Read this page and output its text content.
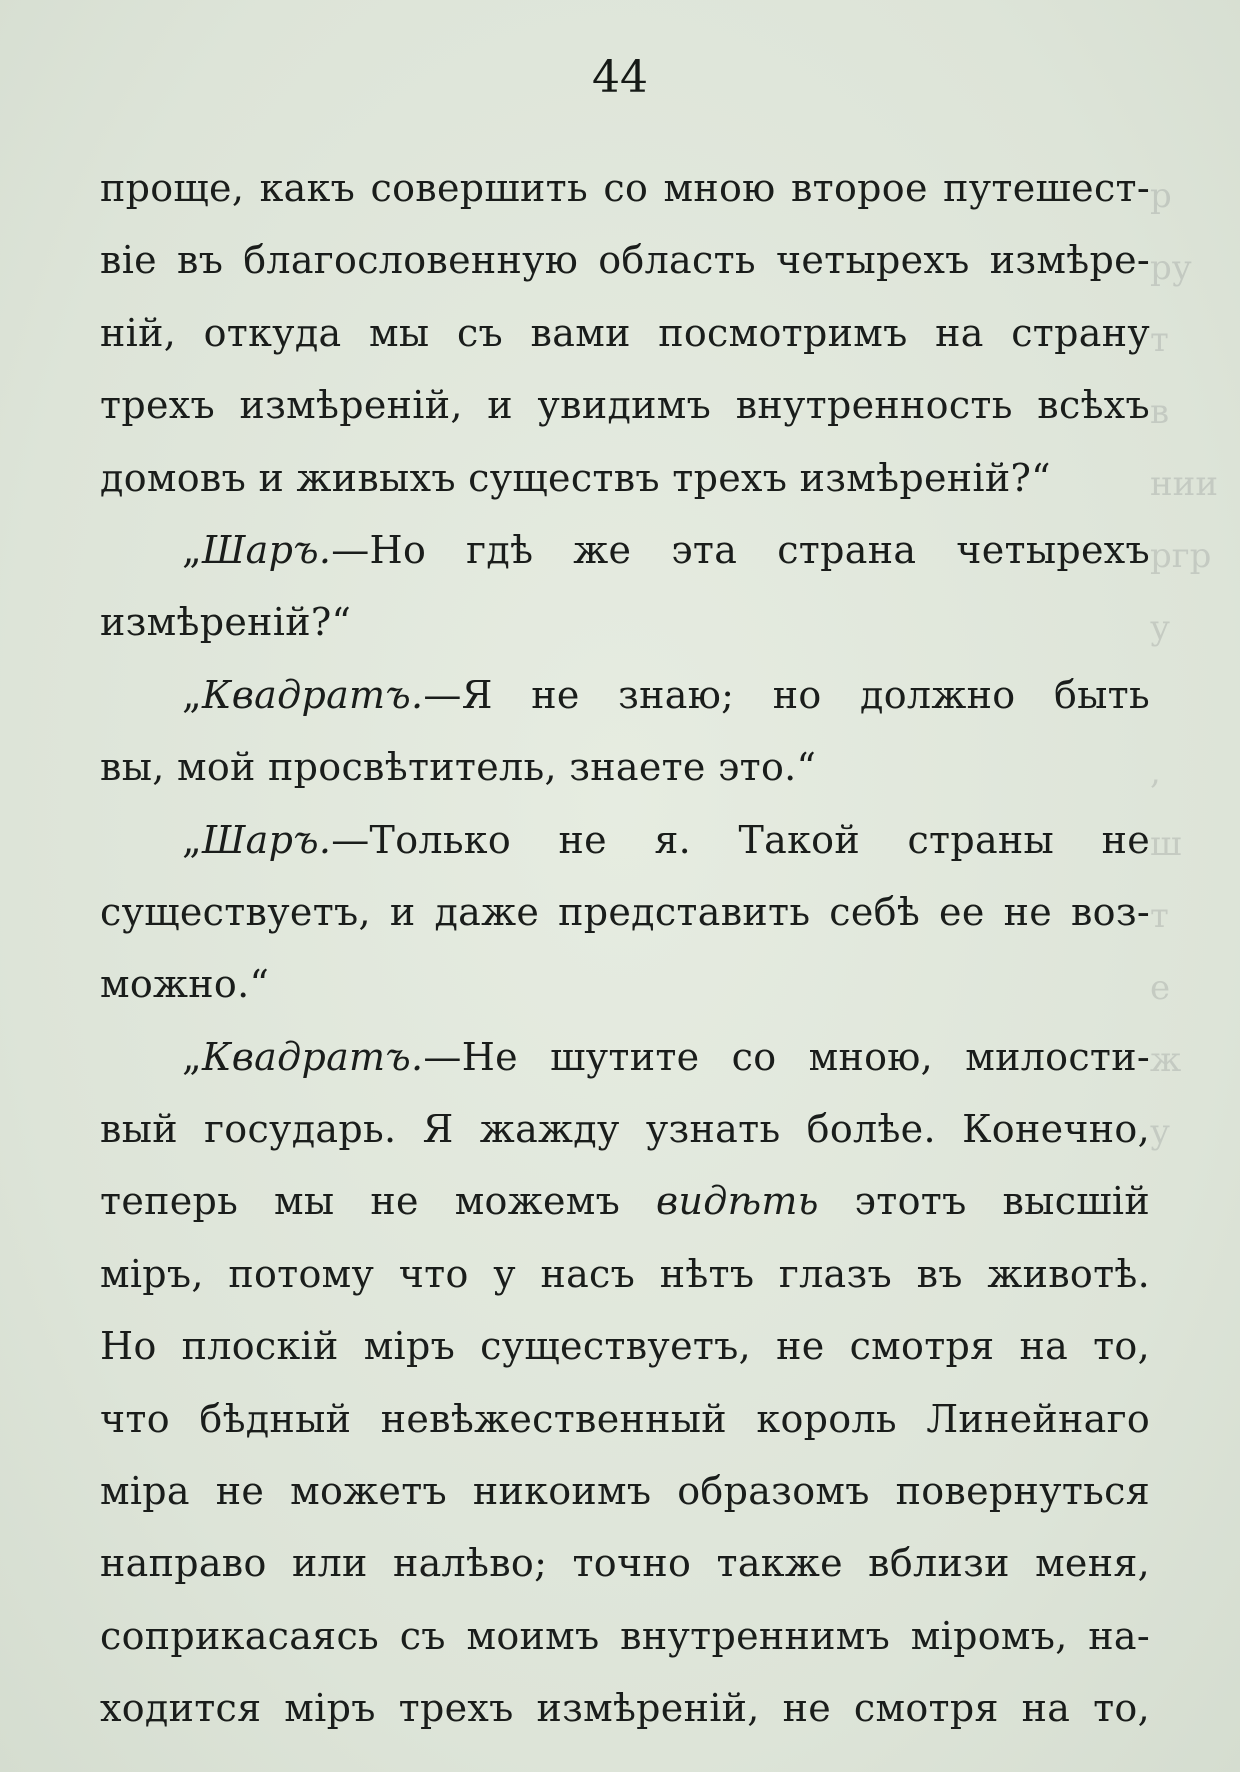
р
ру
т
в
нии
ргр
у

,
ш
т
е
ж
у
44
проще, какъ совершить со мною второе путешест-
віе въ благословенную область четырехъ измѣре-
ній, откуда мы съ вами посмотримъ на страну
трехъ измѣреній, и увидимъ внутренность всѣхъ
домовъ и живыхъ существъ трехъ измѣреній?“
„Шаръ.—Но гдѣ же эта страна четырехъ
измѣреній?“
„Квадратъ.—Я не знаю; но должно быть
вы, мой просвѣтитель, знаете это.“
„Шаръ.—Только не я. Такой страны не
существуетъ, и даже представить себѣ ее не воз-
можно.“
„Квадратъ.—Не шутите со мною, милости-
вый государь. Я жажду узнать болѣе. Конечно,
теперь мы не можемъ видѣть этотъ высшій
міръ, потому что у насъ нѣтъ глазъ въ животѣ.
Но плоскій міръ существуетъ, не смотря на то,
что бѣдный невѣжественный король Линейнаго
міра не можетъ никоимъ образомъ повернуться
направо или налѣво; точно также вблизи меня,
соприкасаясь съ моимъ внутреннимъ міромъ, на-
ходится міръ трехъ измѣреній, не смотря на то,
